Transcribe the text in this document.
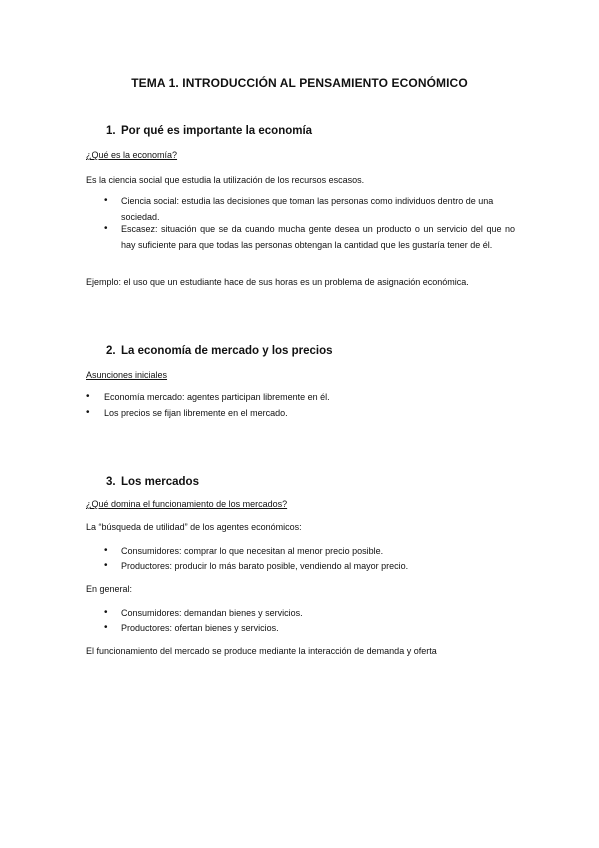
TEMA 1. INTRODUCCIÓN AL PENSAMIENTO ECONÓMICO
1. Por qué es importante la economía
¿Qué es la economía?
Es la ciencia social que estudia la utilización de los recursos escasos.
• Ciencia social: estudia las decisiones que toman las personas como individuos dentro de una sociedad.
• Escasez: situación que se da cuando mucha gente desea un producto o un servicio del que no hay suficiente para que todas las personas obtengan la cantidad que les gustaría tener de él.
Ejemplo: el uso que un estudiante hace de sus horas es un problema de asignación económica.
2. La economía de mercado y los precios
Asunciones iniciales
• Economía mercado: agentes participan libremente en él.
• Los precios se fijan libremente en el mercado.
3. Los mercados
¿Qué domina el funcionamiento de los mercados?
La “búsqueda de utilidad” de los agentes económicos:
• Consumidores: comprar lo que necesitan al menor precio posible.
• Productores: producir lo más barato posible, vendiendo al mayor precio.
En general:
• Consumidores: demandan bienes y servicios.
• Productores: ofertan bienes y servicios.
El funcionamiento del mercado se produce mediante la interacción de demanda y oferta
